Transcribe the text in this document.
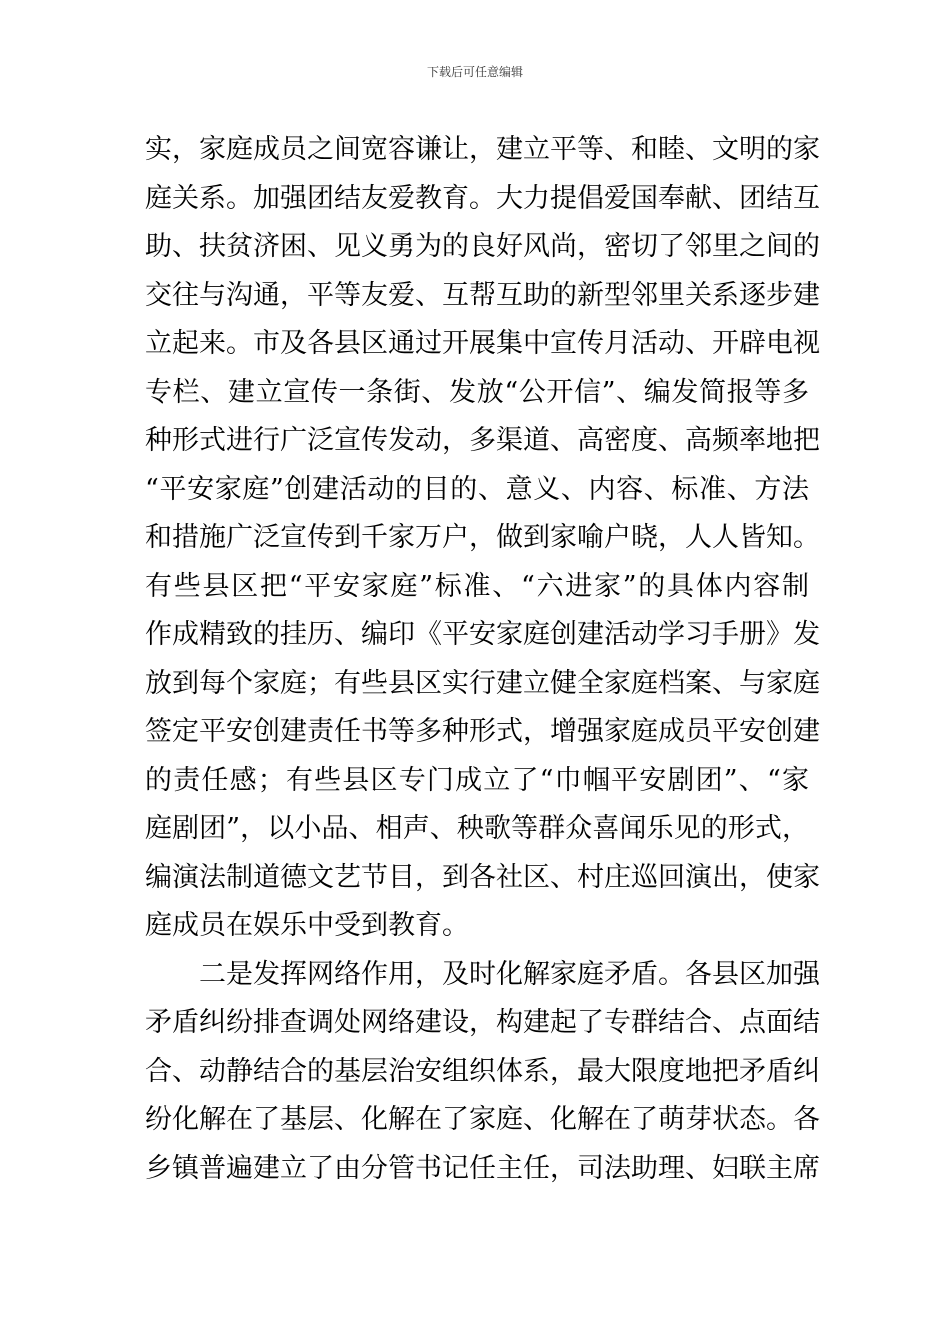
下载后可任意编辑
实，家庭成员之间宽容谦让，建立平等、和睦、文明的家
庭关系。加强团结友爱教育。大力提倡爱国奉献、团结互
助、扶贫济困、见义勇为的良好风尚，密切了邻里之间的
交往与沟通，平等友爱、互帮互助的新型邻里关系逐步建
立起来。市及各县区通过开展集中宣传月活动、开辟电视
专栏、建立宣传一条街、发放“公开信”、编发简报等多
种形式进行广泛宣传发动，多渠道、高密度、高频率地把
“平安家庭”创建活动的目的、意义、内容、标准、方法
和措施广泛宣传到千家万户，做到家喻户晓，人人皆知。
有些县区把“平安家庭”标准、“六进家”的具体内容制
作成精致的挂历、编印《平安家庭创建活动学习手册》发
放到每个家庭；有些县区实行建立健全家庭档案、与家庭
签定平安创建责任书等多种形式，增强家庭成员平安创建
的责任感；有些县区专门成立了“巾帼平安剧团”、“家
庭剧团”，以小品、相声、秧歌等群众喜闻乐见的形式，
编演法制道德文艺节目，到各社区、村庄巡回演出，使家
庭成员在娱乐中受到教育。
二是发挥网络作用，及时化解家庭矛盾。各县区加强
矛盾纠纷排查调处网络建设，构建起了专群结合、点面结
合、动静结合的基层治安组织体系，最大限度地把矛盾纠
纷化解在了基层、化解在了家庭、化解在了萌芽状态。各
乡镇普遍建立了由分管书记任主任，司法助理、妇联主席
